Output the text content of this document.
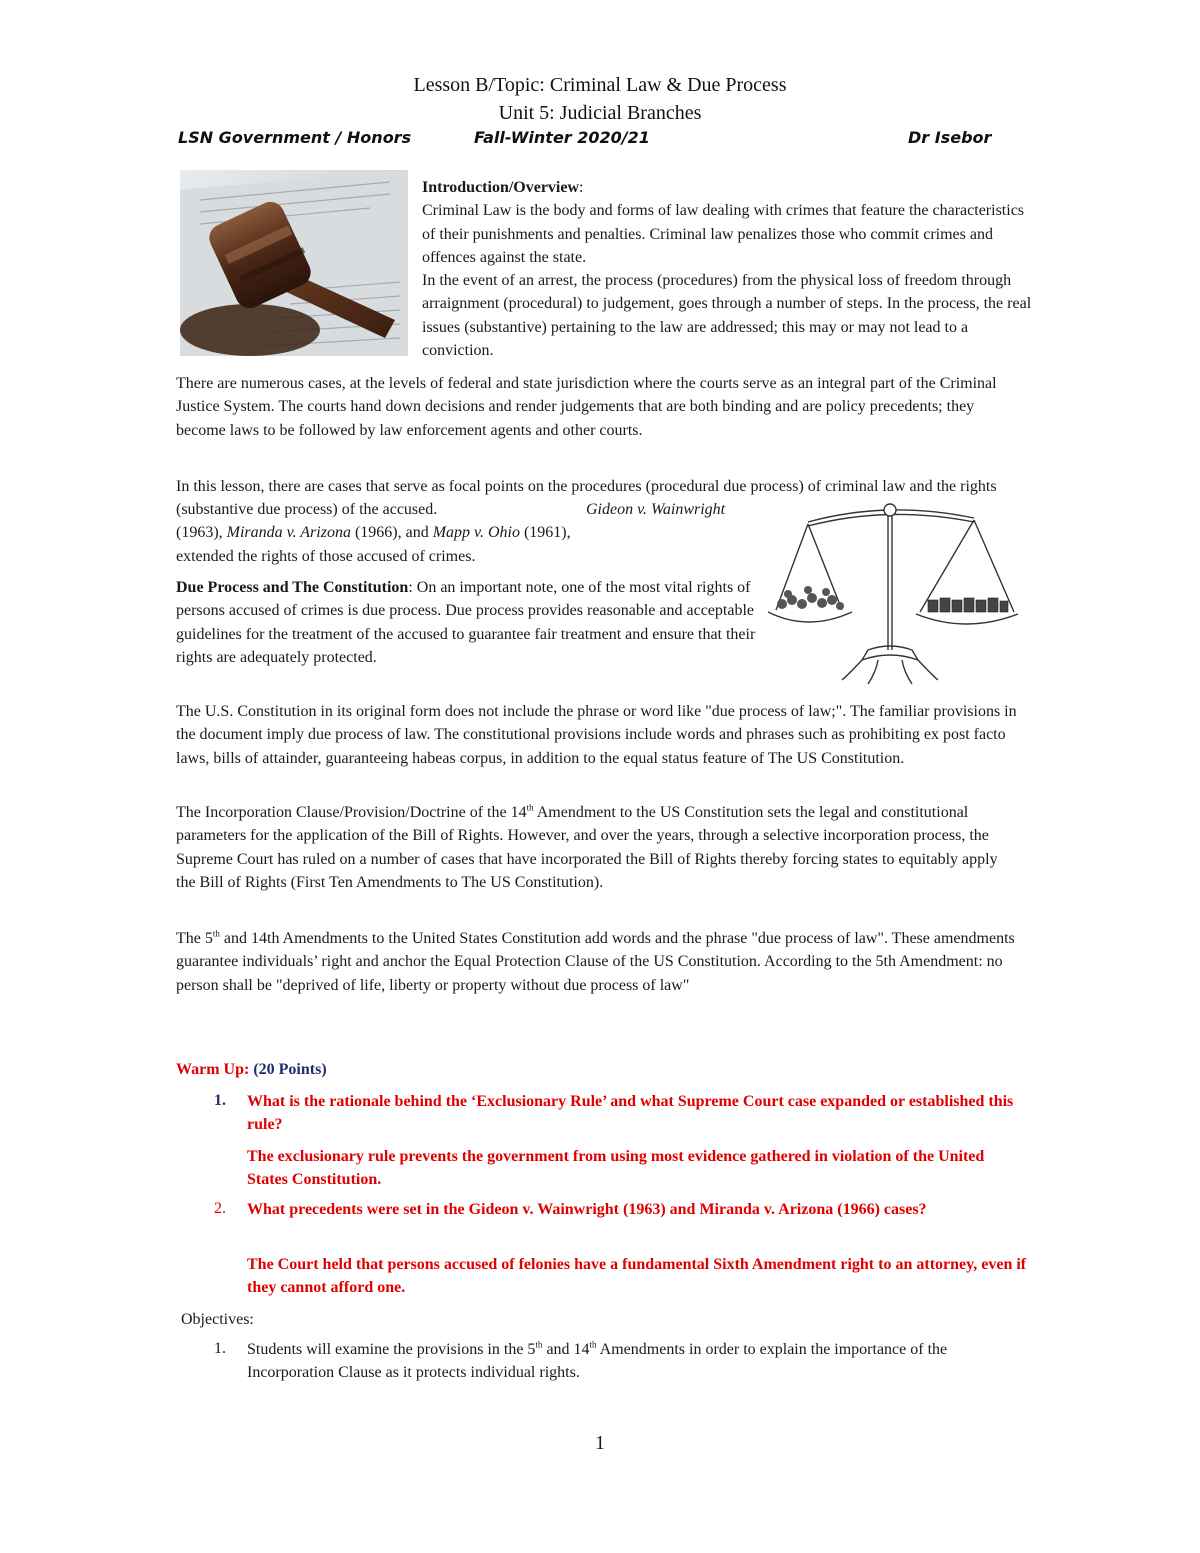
Lesson B/Topic: Criminal Law & Due Process
Unit 5: Judicial Branches
LSN Government / Honors	Fall-Winter 2020/21	Dr Isebor

Introduction/Overview:
Criminal Law is the body and forms of law dealing with crimes that feature the characteristics of their punishments and penalties. Criminal law penalizes those who commit crimes and offences against the state.
In the event of an arrest, the process (procedures) from the physical loss of freedom through arraignment (procedural) to judgement, goes through a number of steps. In the process, the real issues (substantive) pertaining to the law are addressed; this may or may not lead to a conviction.

There are numerous cases, at the levels of federal and state jurisdiction where the courts serve as an integral part of the Criminal Justice System. The courts hand down decisions and render judgements that are both binding and are policy precedents; they become laws to be followed by law enforcement agents and other courts.

In this lesson, there are cases that serve as focal points on the procedures (procedural due process) of criminal law and the rights (substantive due process) of the accused.	Gideon v. Wainwright (1963), Miranda v. Arizona (1966), and Mapp v. Ohio (1961),
extended the rights of those accused of crimes.

Due Process and The Constitution: On an important note, one of the most vital rights of persons accused of crimes is due process. Due process provides reasonable and acceptable guidelines for the treatment of the accused to guarantee fair treatment and ensure that their rights are adequately protected.

The U.S. Constitution in its original form does not include the phrase or word like "due process of law;". The familiar provisions in the document imply due process of law. The constitutional provisions include words and phrases such as prohibiting ex post facto laws, bills of attainder, guaranteeing habeas corpus, in addition to the equal status feature of The US Constitution.

The Incorporation Clause/Provision/Doctrine of the 14th Amendment to the US Constitution sets the legal and constitutional parameters for the application of the Bill of Rights. However, and over the years, through a selective incorporation process, the Supreme Court has ruled on a number of cases that have incorporated the Bill of Rights thereby forcing states to equitably apply the Bill of Rights (First Ten Amendments to The US Constitution).

The 5th and 14th Amendments to the United States Constitution add words and the phrase "due process of law". These amendments guarantee individuals’ right and anchor the Equal Protection Clause of the US Constitution. According to the 5th Amendment: no person shall be "deprived of life, liberty or property without due process of law"

Warm Up: (20 Points)
1. What is the rationale behind the ‘Exclusionary Rule’ and what Supreme Court case expanded or established this rule?

The exclusionary rule prevents the government from using most evidence gathered in violation of the United States Constitution.

2. What precedents were set in the Gideon v. Wainwright (1963) and Miranda v. Arizona (1966) cases?

The Court held that persons accused of felonies have a fundamental Sixth Amendment right to an attorney, even if they cannot afford one.

Objectives:
1. Students will examine the provisions in the 5th and 14th Amendments in order to explain the importance of the Incorporation Clause as it protects individual rights.

1
